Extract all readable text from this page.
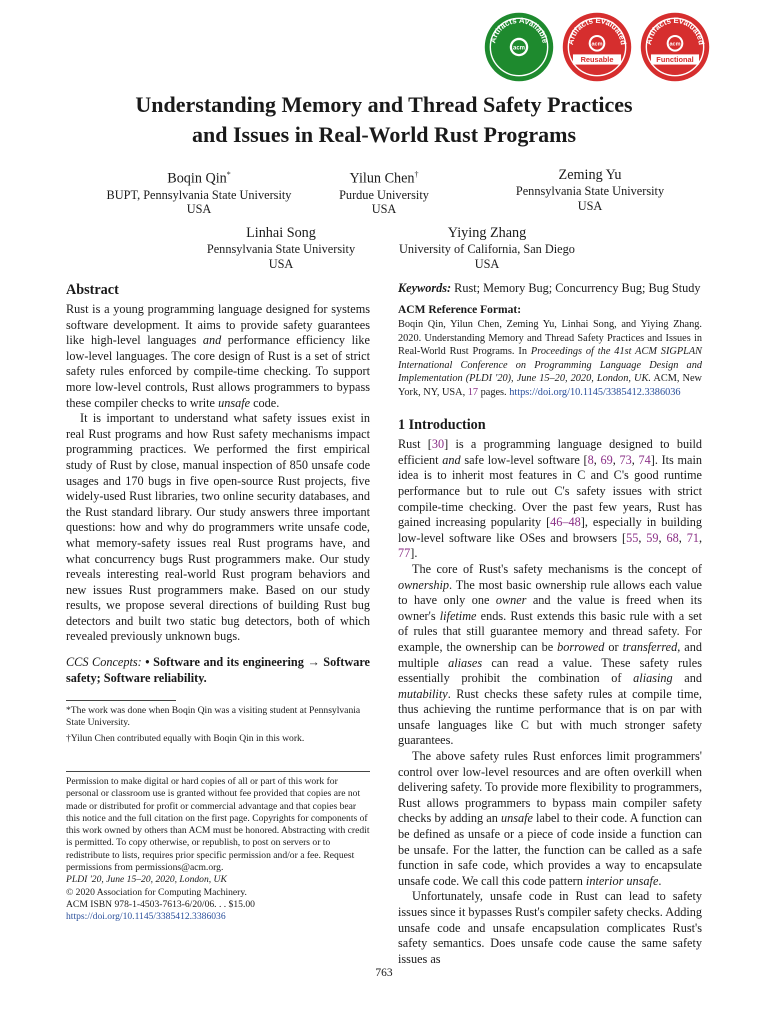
acm
Artifacts Available
acm
Reusable
Artifacts Evaluated	acm
Functional
Artifacts Evaluated
Understanding Memory and Thread Safety Practices
and Issues in Real-World Rust Programs
Boqin Qin*
BUPT, Pennsylvania State University
USA
Yilun Chen†
Purdue University
USA
Zeming Yu
Pennsylvania State University
USA
Linhai Song
Pennsylvania State University
USA
Yiying Zhang
University of California, San Diego
USA
Abstract

Rust is a young programming language designed for systems software development. It aims to provide safety guarantees like high-level languages and performance efficiency like low-level languages. The core design of Rust is a set of strict safety rules enforced by compile-time checking. To support more low-level controls, Rust allows programmers to bypass these compiler checks to write unsafe code.

It is important to understand what safety issues exist in real Rust programs and how Rust safety mechanisms impact programming practices. We performed the first empirical study of Rust by close, manual inspection of 850 unsafe code usages and 170 bugs in five open-source Rust projects, five widely-used Rust libraries, two online security databases, and the Rust standard library. Our study answers three important questions: how and why do programmers write unsafe code, what memory-safety issues real Rust programs have, and what concurrency bugs Rust programmers make. Our study reveals interesting real-world Rust program behaviors and new issues Rust programmers make. Based on our study results, we propose several directions of building Rust bug detectors and built two static bug detectors, both of which revealed previously unknown bugs.

CCS Concepts: • Software and its engineering → Software safety; Software reliability.

*The work was done when Boqin Qin was a visiting student at Pennsylvania State University.

†Yilun Chen contributed equally with Boqin Qin in this work.

Permission to make digital or hard copies of all or part of this work for personal or classroom use is granted without fee provided that copies are not made or distributed for profit or commercial advantage and that copies bear this notice and the full citation on the first page. Copyrights for components of this work owned by others than ACM must be honored. Abstracting with credit is permitted. To copy otherwise, or republish, to post on servers or to redistribute to lists, requires prior specific permission and/or a fee. Request permissions from permissions@acm.org.

PLDI '20, June 15–20, 2020, London, UK

© 2020 Association for Computing Machinery.

ACM ISBN 978-1-4503-7613-6/20/06. . . $15.00

https://doi.org/10.1145/3385412.3386036

Keywords: Rust; Memory Bug; Concurrency Bug; Bug Study

ACM Reference Format:

Boqin Qin, Yilun Chen, Zeming Yu, Linhai Song, and Yiying Zhang. 2020. Understanding Memory and Thread Safety Practices and Issues in Real-World Rust Programs. In Proceedings of the 41st ACM SIGPLAN International Conference on Programming Language Design and Implementation (PLDI '20), June 15–20, 2020, London, UK. ACM, New York, NY, USA, 17 pages. https://doi.org/10.1145/3385412.3386036

1 Introduction

Rust [30] is a programming language designed to build efficient and safe low-level software [8, 69, 73, 74]. Its main idea is to inherit most features in C and C's good runtime performance but to rule out C's safety issues with strict compile-time checking. Over the past few years, Rust has gained increasing popularity [46–48], especially in building low-level software like OSes and browsers [55, 59, 68, 71, 77].

The core of Rust's safety mechanisms is the concept of ownership. The most basic ownership rule allows each value to have only one owner and the value is freed when its owner's lifetime ends. Rust extends this basic rule with a set of rules that still guarantee memory and thread safety. For example, the ownership can be borrowed or transferred, and multiple aliases can read a value. These safety rules essentially prohibit the combination of aliasing and mutability. Rust checks these safety rules at compile time, thus achieving the runtime performance that is on par with unsafe languages like C but with much stronger safety guarantees.

The above safety rules Rust enforces limit programmers' control over low-level resources and are often overkill when delivering safety. To provide more flexibility to programmers, Rust allows programmers to bypass main compiler safety checks by adding an unsafe label to their code. A function can be defined as unsafe or a piece of code inside a function can be unsafe. For the latter, the function can be called as a safe function in safe code, which provides a way to encapsulate unsafe code. We call this code pattern interior unsafe.

Unfortunately, unsafe code in Rust can lead to safety issues since it bypasses Rust's compiler safety checks. Adding unsafe code and unsafe encapsulation complicates Rust's safety semantics. Does unsafe code cause the same safety issues as

763
